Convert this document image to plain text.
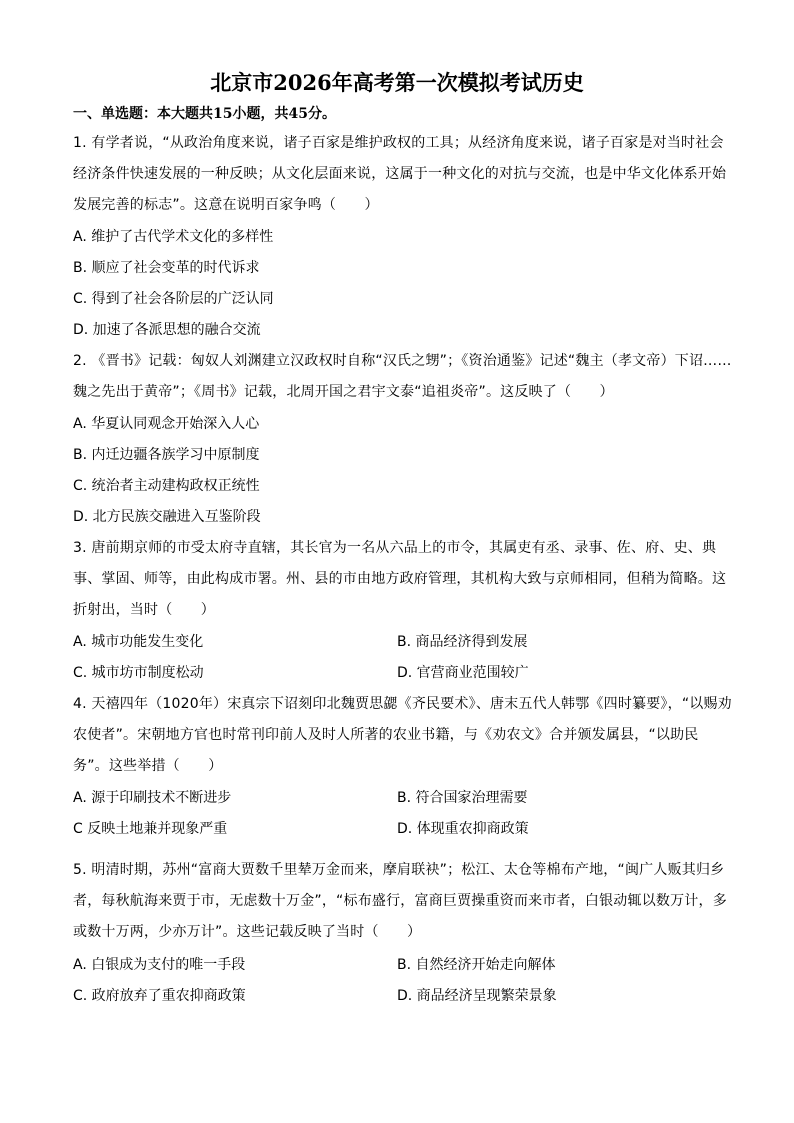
北京市2026年高考第一次模拟考试历史
一、单选题：本大题共15小题，共45分。
1. 有学者说，“从政治角度来说，诸子百家是维护政权的工具；从经济角度来说，诸子百家是对当时社会经济条件快速发展的一种反映；从文化层面来说，这属于一种文化的对抗与交流，也是中华文化体系开始发展完善的标志”。这意在说明百家争鸣（　　）
A. 维护了古代学术文化的多样性
B. 顺应了社会变革的时代诉求
C. 得到了社会各阶层的广泛认同
D. 加速了各派思想的融合交流
2. 《晋书》记载：匈奴人刘渊建立汉政权时自称“汉氏之甥”；《资治通鉴》记述“魏主（孝文帝）下诏……魏之先出于黄帝”；《周书》记载，北周开国之君宇文泰“追祖炎帝”。这反映了（　　）
A. 华夏认同观念开始深入人心
B. 内迁边疆各族学习中原制度
C. 统治者主动建构政权正统性
D. 北方民族交融进入互鉴阶段
3. 唐前期京师的市受太府寺直辖，其长官为一名从六品上的市令，其属吏有丞、录事、佐、府、史、典事、掌固、师等，由此构成市署。州、县的市由地方政府管理，其机构大致与京师相同，但稍为简略。这折射出，当时（　　）
A. 城市功能发生变化	B. 商品经济得到发展
C. 城市坊市制度松动	D. 官营商业范围较广
4. 天禧四年（1020年）宋真宗下诏刻印北魏贾思勰《齐民要术》、唐末五代人韩鄂《四时纂要》，“以赐劝农使者”。宋朝地方官也时常刊印前人及时人所著的农业书籍，与《劝农文》合并颁发属县，“以助民务”。这些举措（　　）
A. 源于印刷技术不断进步	B. 符合国家治理需要
C 反映土地兼并现象严重	D. 体现重农抑商政策
5. 明清时期，苏州“富商大贾数千里辇万金而来，摩肩联袂”；松江、太仓等棉布产地，“闽广人贩其归乡者，每秋航海来贾于市，无虑数十万金”，“标布盛行，富商巨贾操重资而来市者，白银动辄以数万计，多或数十万两，少亦万计”。这些记载反映了当时（　　）
A. 白银成为支付的唯一手段	B. 自然经济开始走向解体
C. 政府放弃了重农抑商政策	D. 商品经济呈现繁荣景象
